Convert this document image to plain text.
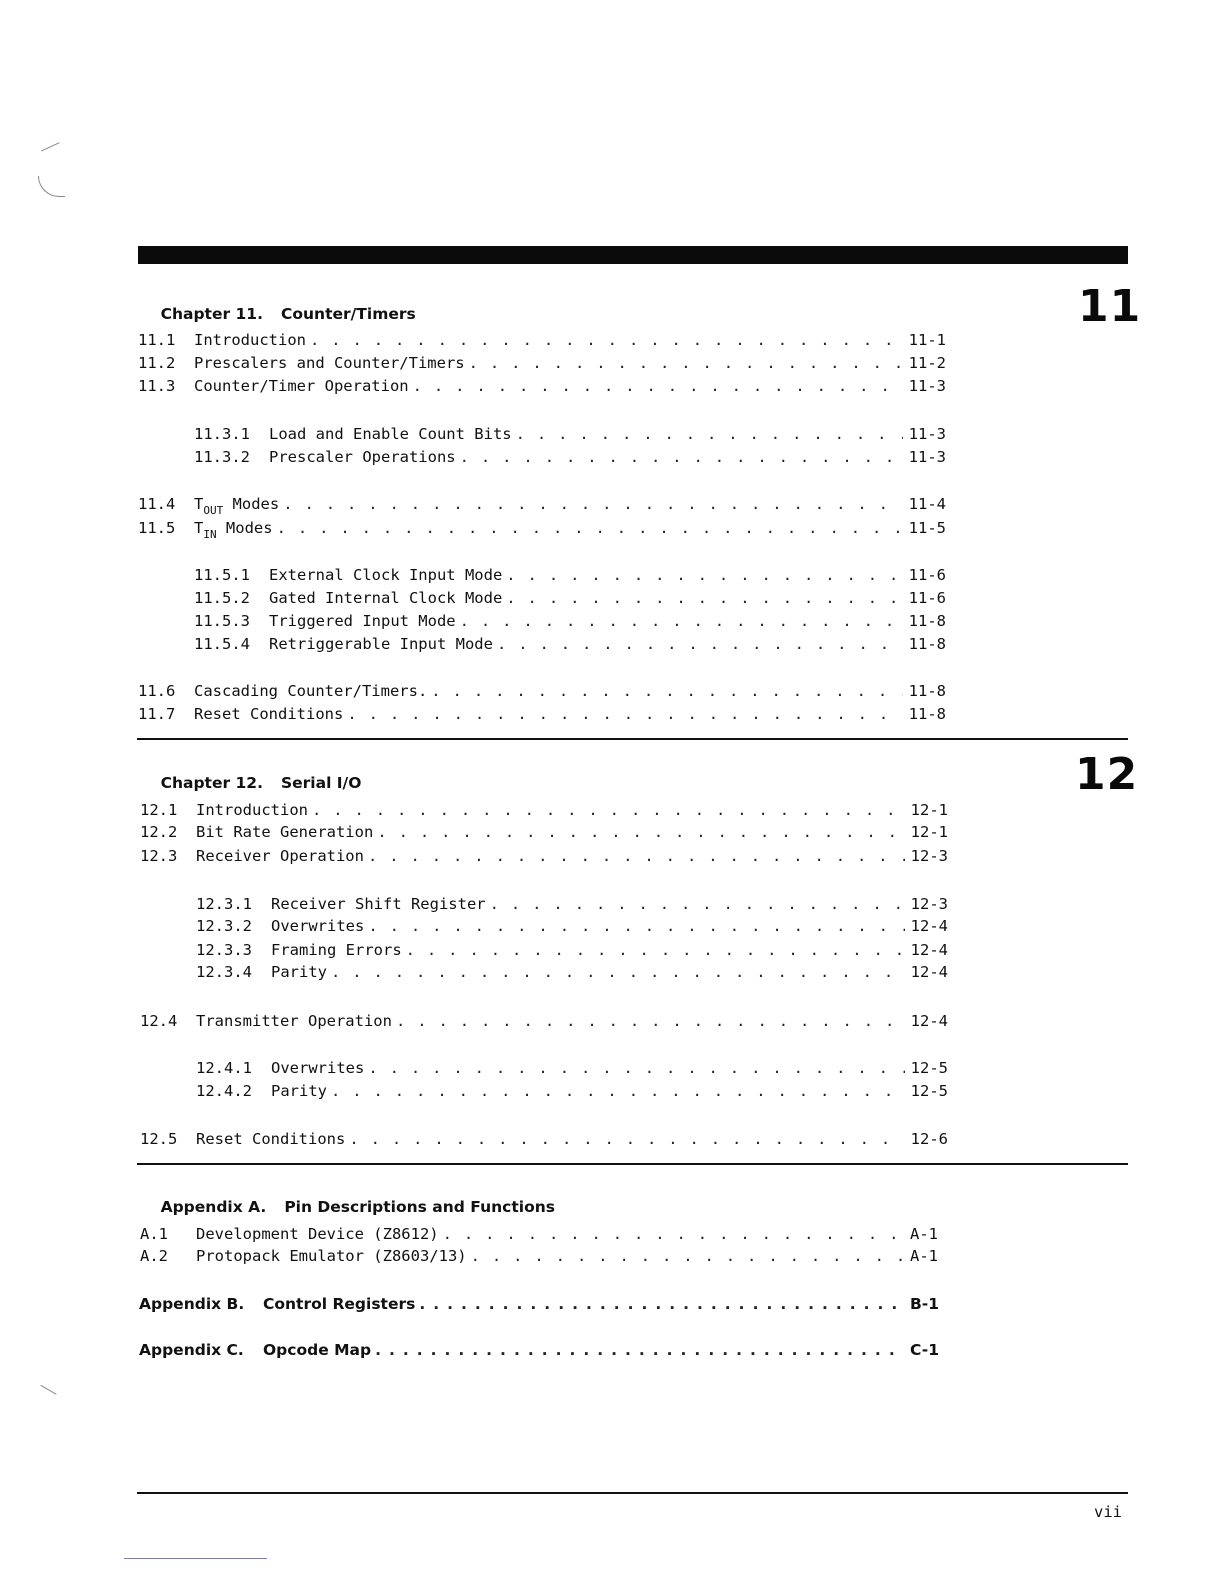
Chapter 11. Counter/Timers
	11
11.1	Introduction . . .	11-1
11.2	Prescalers and Counter/Timers . . .	11-2
11.3	Counter/Timer Operation . . .	11-3
11.3.1	Load and Enable Count Bits . . .	11-3
11.3.2	Prescaler Operations . . .	11-3
11.4	$T_{OUT}$ Modes . . .	11-4
11.5	$T_{IN}$ Modes . . .	11-5
11.5.1	External Clock Input Mode . . .	11-6
11.5.2	Gated Internal Clock Mode . . .	11-6
11.5.3	Triggered Input Mode . . .	11-8
11.5.4	Retriggerable Input Mode . . .	11-8
11.6	Cascading Counter/Timers. . . .	11-8
11.7	Reset Conditions . . .	11-8

Chapter 12. Serial I/O
	12
12.1	Introduction . . .	12-1
12.2	Bit Rate Generation . . .	12-1
12.3	Receiver Operation . . .	12-3
12.3.1	Receiver Shift Register . . .	12-3
12.3.2	Overwrites . . .	12-4
12.3.3	Framing Errors . . .	12-4
12.3.4	Parity . . .	12-4
12.4	Transmitter Operation . . .	12-4
12.4.1	Overwrites . . .	12-5
12.4.2	Parity . . .	12-5
12.5	Reset Conditions . . .	12-6

Appendix A. Pin Descriptions and Functions

A.1	Development Device (Z8612) . . .	A-1
A.2	Protopack Emulator (Z8603/13) . . .	A-1
Appendix B.	Control Registers . . .	B-1
Appendix C.	Opcode Map . . .	C-1
vii
